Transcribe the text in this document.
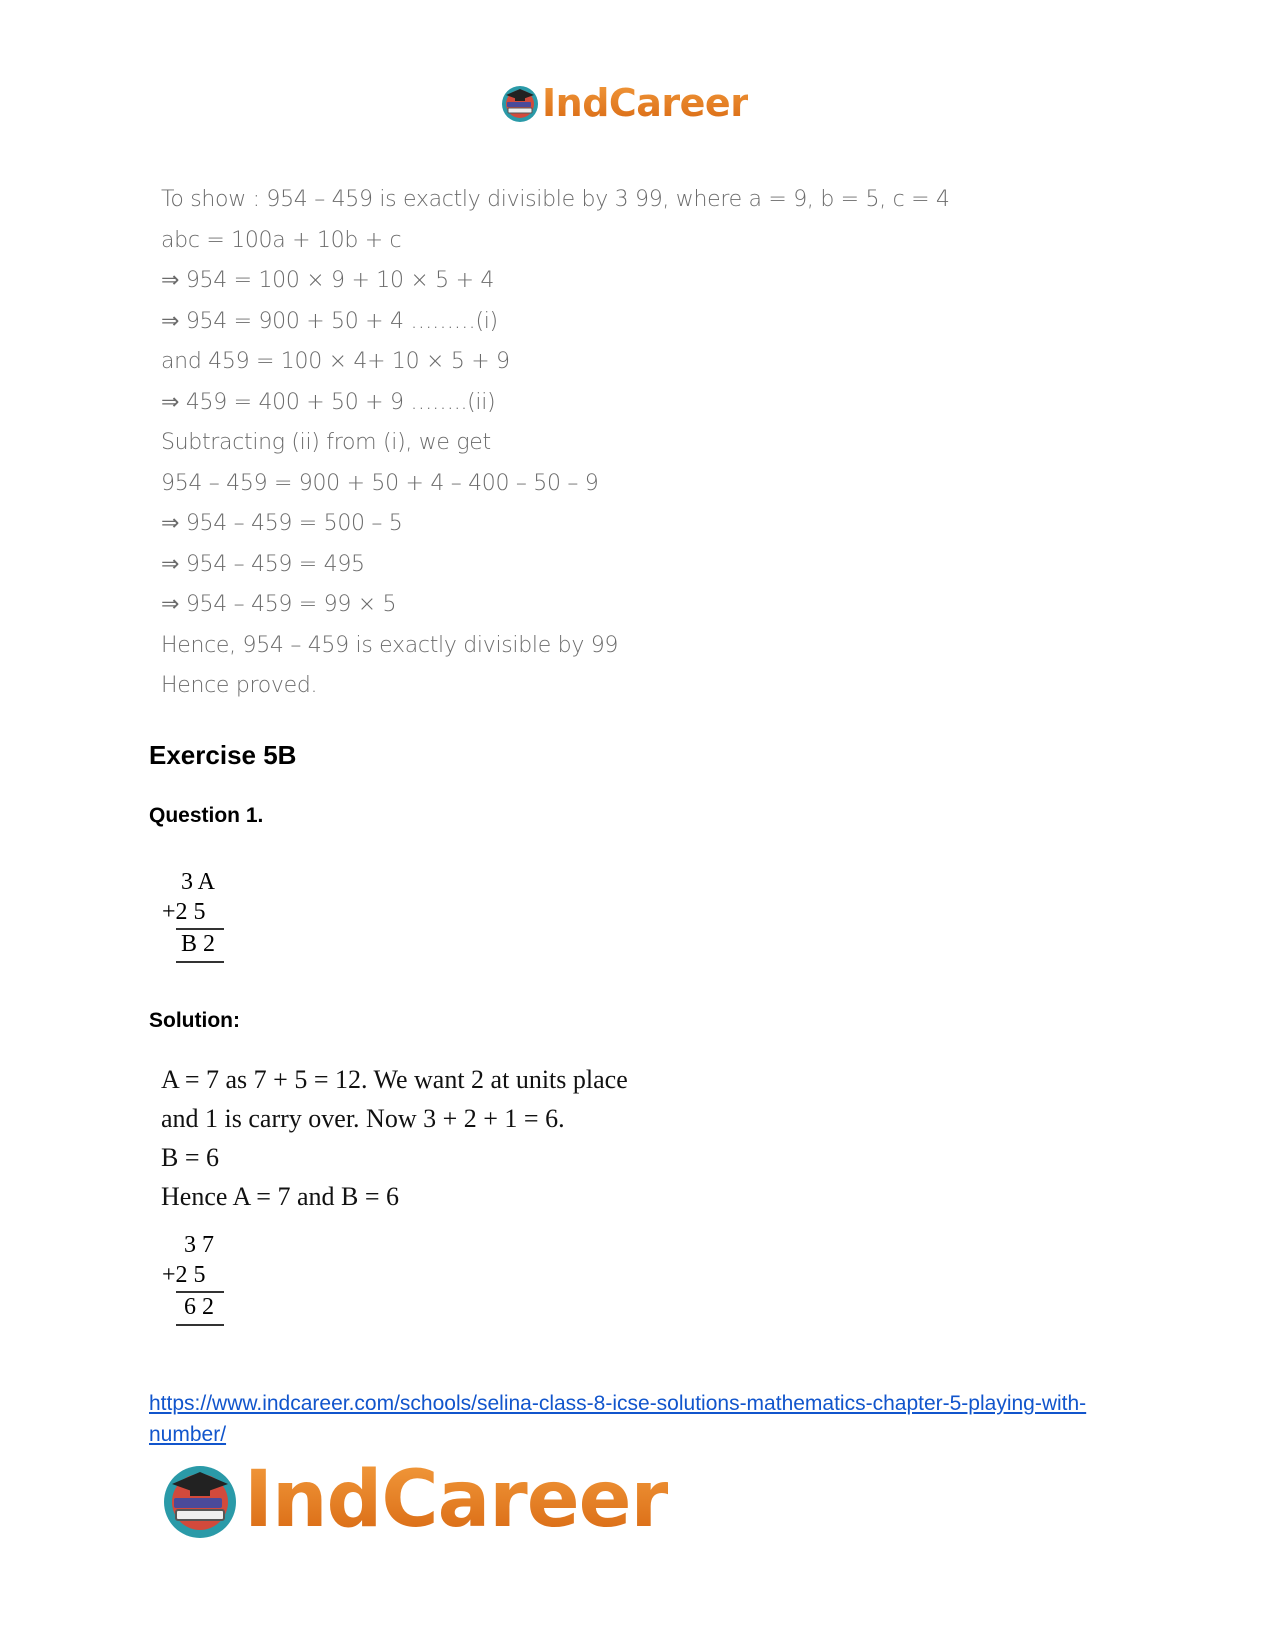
IndCareer
To show : 954 – 459 is exactly divisible by 3 99, where a = 9, b = 5, c = 4
abc = 100a + 10b + c
⇒ 954 = 100 × 9 + 10 × 5 + 4
⇒ 954 = 900 + 50 + 4 ………(i)
and 459 = 100 × 4+ 10 × 5 + 9
⇒ 459 = 400 + 50 + 9 ……..(ii)
Subtracting (ii) from (i), we get
954 – 459 = 900 + 50 + 4 – 400 – 50 – 9
⇒ 954 – 459 = 500 – 5
⇒ 954 – 459 = 495
⇒ 954 – 459 = 99 × 5
Hence, 954 – 459 is exactly divisible by 99
Hence proved.
Exercise 5B
Question 1.
3 A
+2 5
B 2
Solution:
A = 7 as 7 + 5 = 12. We want 2 at units place
and 1 is carry over. Now 3 + 2 + 1 = 6.
B = 6
Hence A = 7 and B = 6
3 7
+2 5
6 2
https://www.indcareer.com/schools/selina-class-8-icse-solutions-mathematics-chapter-5-playing-with-number/
IndCareer
